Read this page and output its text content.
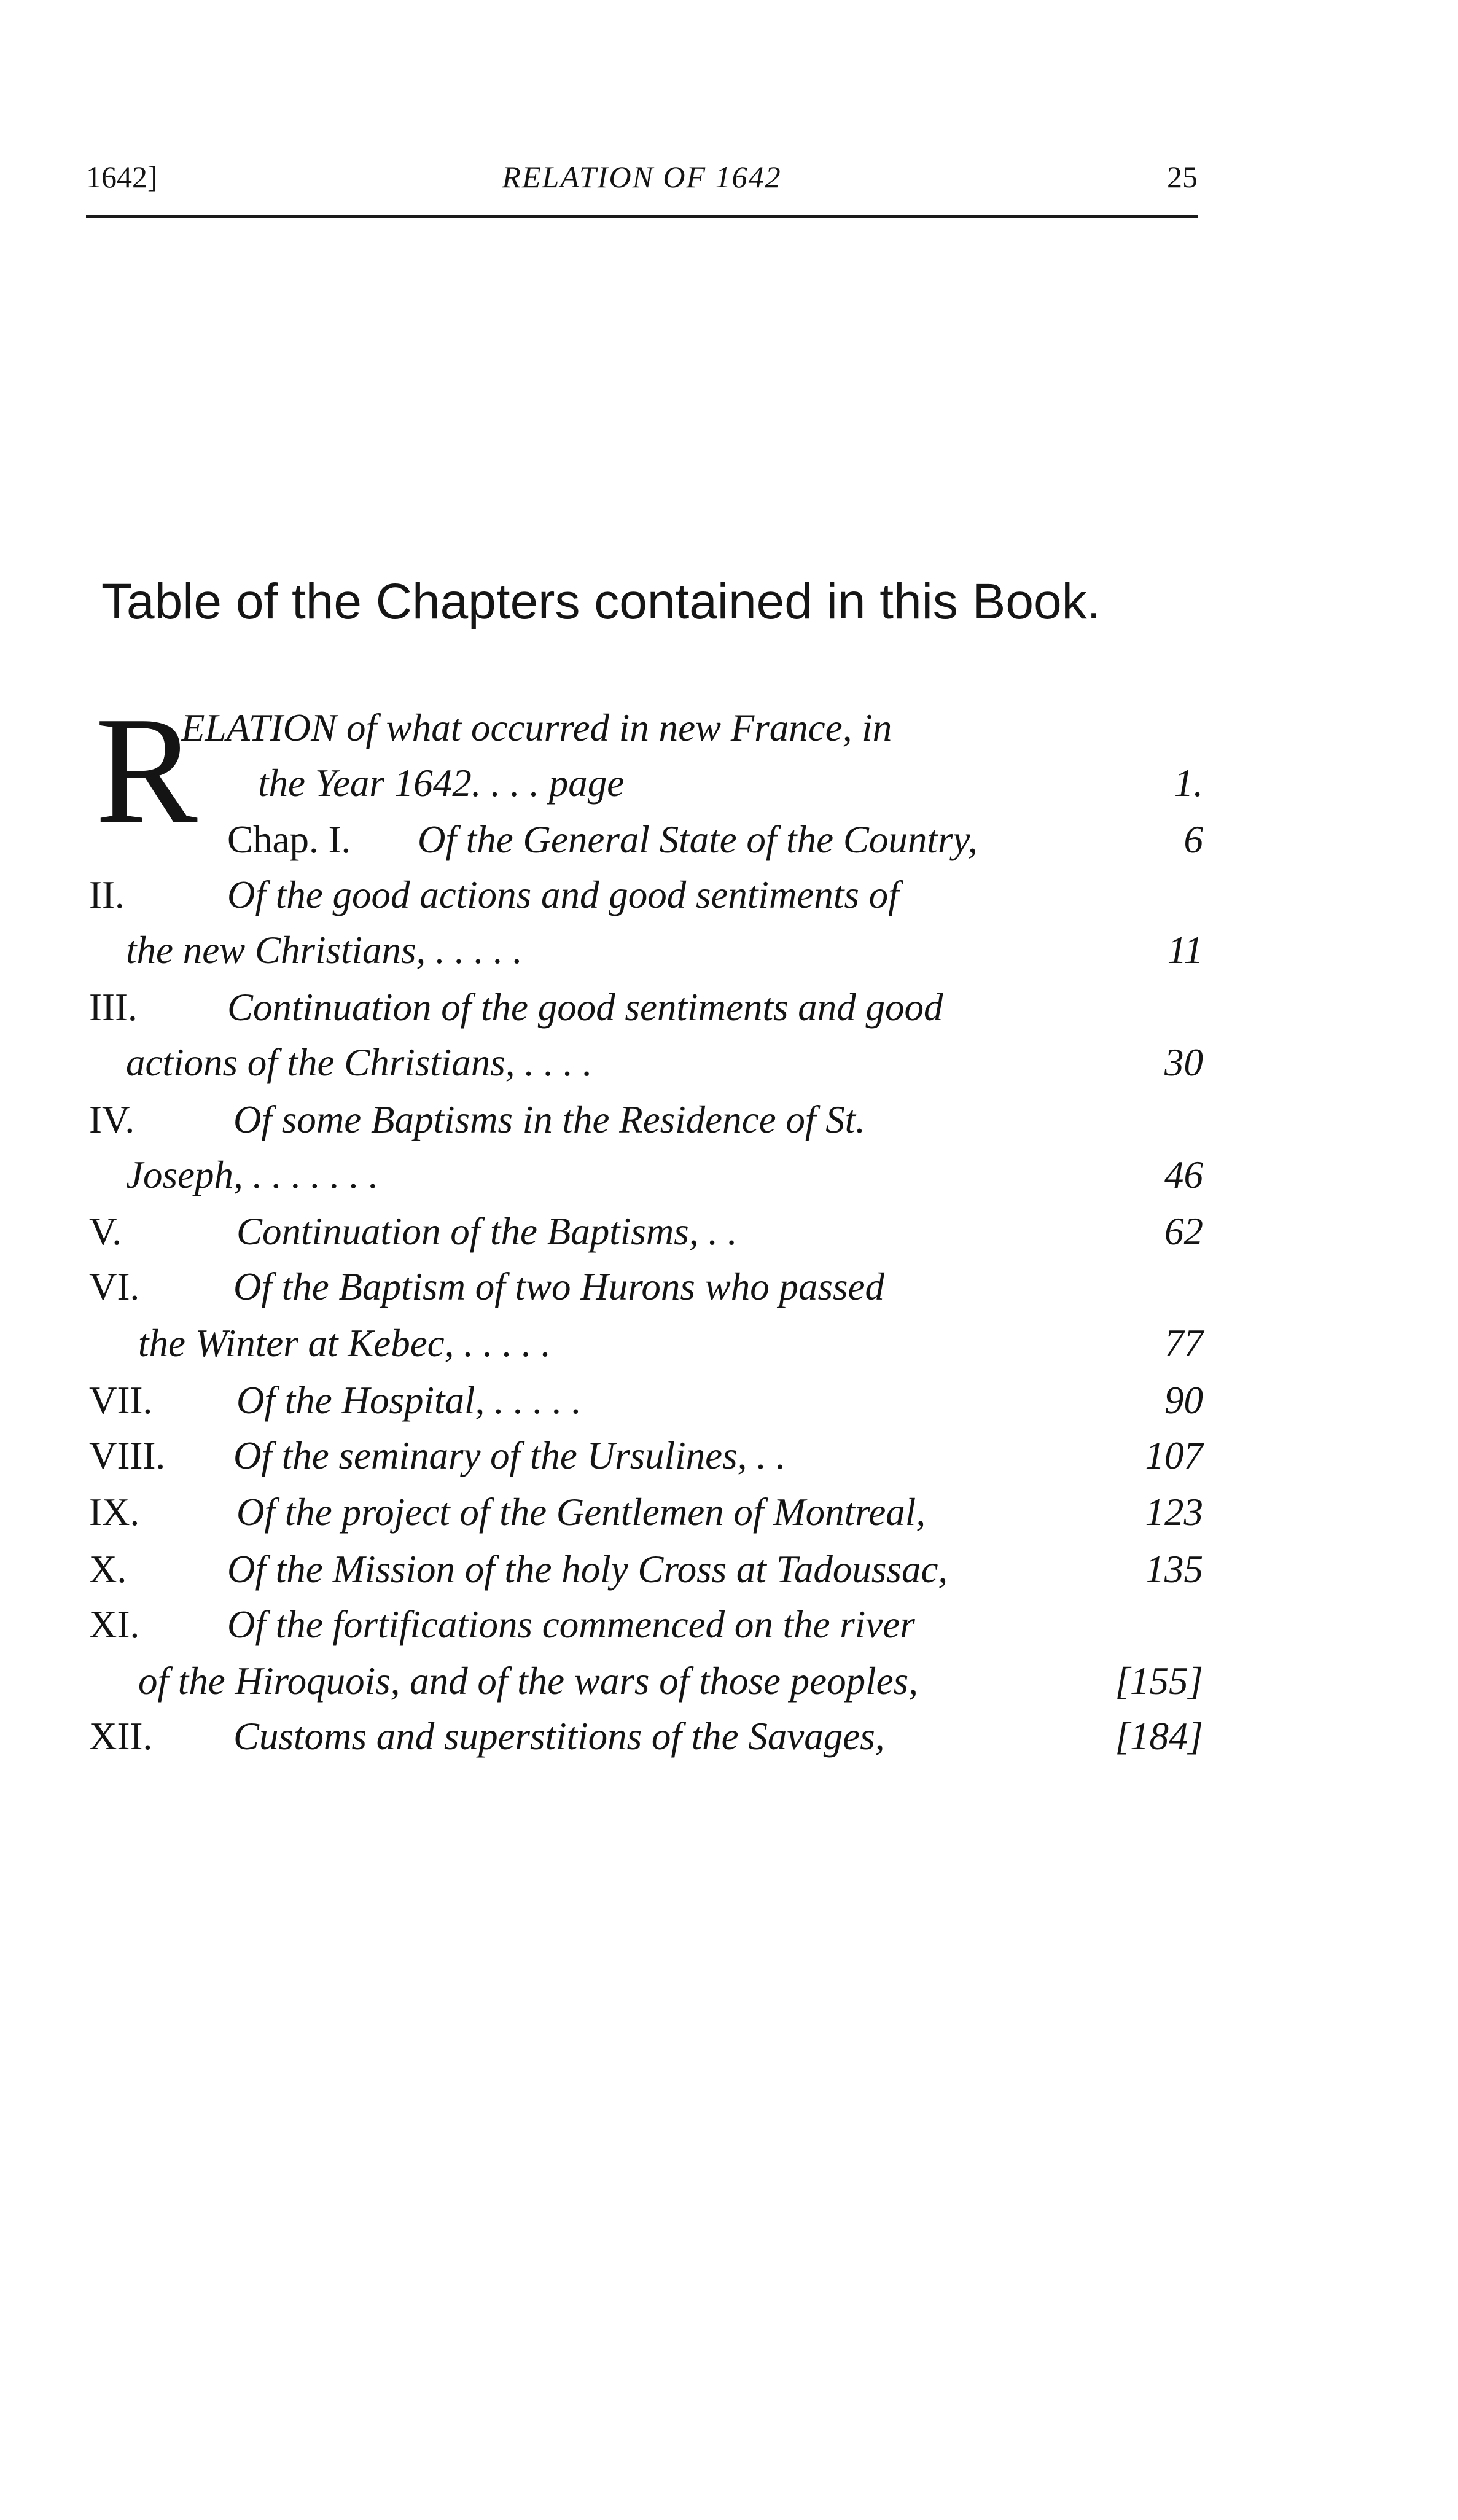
1642]	RELATION OF 1642	25
Table of the Chapters contained in this Book.
R
ELATION of what occurred in new France, in
the Year 1642. . . . page	1.
Chap. I. Of the General State of the Country,	6
II.	Of the good actions and good sentiments of
the new Christians, . . . . .	11
III. Continuation of the good sentiments and good
actions of the Christians, . . . .	30
IV.	Of some Baptisms in the Residence of St.
Joseph, . . . . . . .	46
V.	Continuation of the Baptisms, . .	62
VI. Of the Baptism of two Hurons who passed
the Winter at Kebec, . . . . .	77
VII. Of the Hospital, . . . . .	90
VIII. Of the seminary of the Ursulines, . .	107
IX.	Of the project of the Gentlemen of Montreal,	123
X.	Of the Mission of the holy Cross at Tadoussac,	135
XI. Of the fortifications commenced on the river
of the Hiroquois, and of the wars of those peoples,	[155]
XII. Customs and superstitions of the Savages,	[184]
